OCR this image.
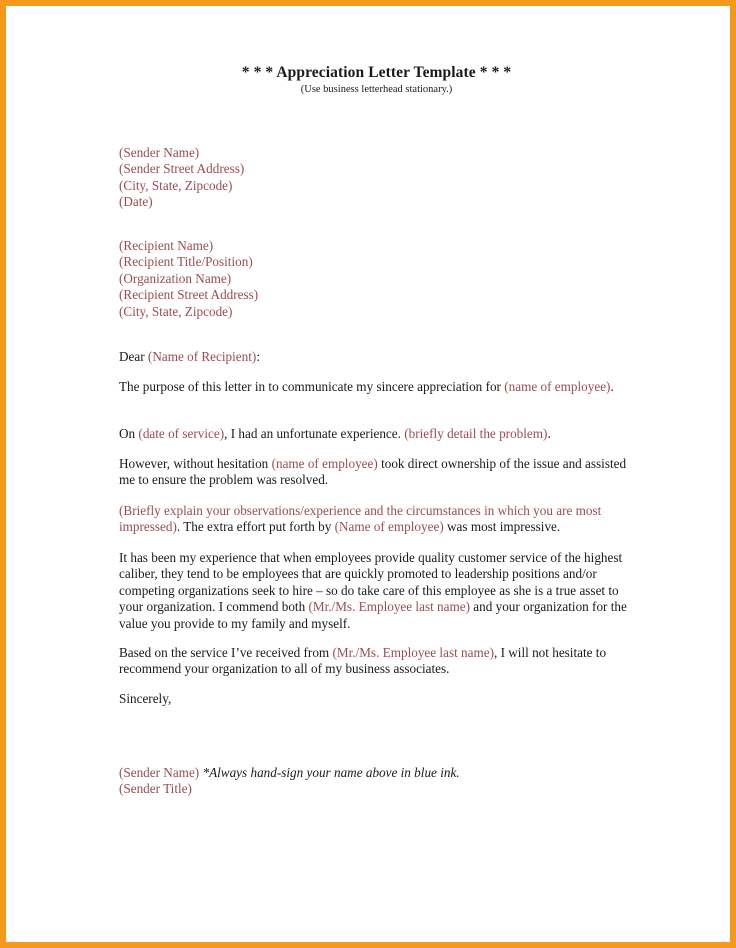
* * * Appreciation Letter Template * * *
(Use business letterhead stationary.)
(Sender Name)
(Sender Street Address)
(City, State, Zipcode)
(Date)
(Recipient Name)
(Recipient Title/Position)
(Organization Name)
(Recipient Street Address)
(City, State, Zipcode)
Dear (Name of Recipient):
The purpose of this letter in to communicate my sincere appreciation for (name of employee).
On (date of service), I had an unfortunate experience. (briefly detail the problem).
However, without hesitation (name of employee) took direct ownership of the issue and assisted me to ensure the problem was resolved.
(Briefly explain your observations/experience and the circumstances in which you are most impressed). The extra effort put forth by (Name of employee) was most impressive.
It has been my experience that when employees provide quality customer service of the highest caliber, they tend to be employees that are quickly promoted to leadership positions and/or competing organizations seek to hire – so do take care of this employee as she is a true asset to your organization. I commend both (Mr./Ms. Employee last name) and your organization for the value you provide to my family and myself.
Based on the service I’ve received from (Mr./Ms. Employee last name), I will not hesitate to recommend your organization to all of my business associates.
Sincerely,
(Sender Name) *Always hand-sign your name above in blue ink.
(Sender Title)
